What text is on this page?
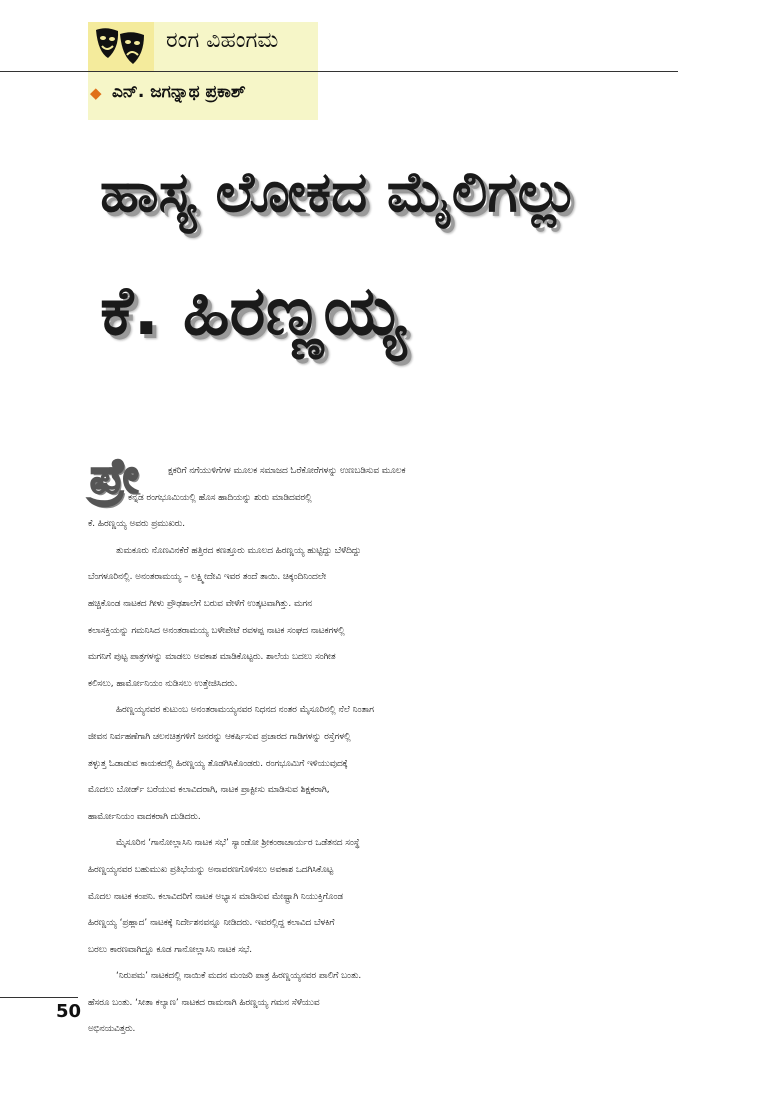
ರಂಗ ವಿಹಂಗಮ
◆ ಎನ್. ಜಗನ್ನಾಥ ಪ್ರಕಾಶ್
ಹಾಸ್ಯ ಲೋಕದ ಮೈಲಿಗಲ್ಲು
ಕೆ. ಹಿರಣ್ಣಯ್ಯ
ಪ್ರೇ	ಕ್ಷಕರಿಗೆ ನಗೆಯುಳಿಗೆಗಳ ಮೂಲಕ ಸಮಾಜದ ಓರೆಕೋರೆಗಳನ್ನು ಉಣಬಡಿಸುವ ಮೂಲಕ
ಕನ್ನಡ ರಂಗಭೂಮಿಯಲ್ಲಿ ಹೊಸ ಹಾದಿಯನ್ನು ಶುರು ಮಾಡಿದವರಲ್ಲಿ
ಕೆ. ಹಿರಣ್ಣಯ್ಯ ಅವರು ಪ್ರಮುಖರು.

ತುಮಕೂರು ನೊಣವಿನಕೆರೆ ಹತ್ತಿರದ ಕಣತ್ತೂರು ಮೂಲದ ಹಿರಣ್ಣಯ್ಯ ಹುಟ್ಟಿದ್ದು ಬೆಳೆದಿದ್ದು
ಬೆಂಗಳೂರಿನಲ್ಲಿ. ಅನಂತರಾಮಯ್ಯ – ಲಕ್ಷ್ಮೀದೇವಿ ಇವರ ತಂದೆ ತಾಯಿ. ಚಿಕ್ಕಂದಿನಿಂದಲೇ
ಹಚ್ಚಿಕೊಂಡ ನಾಟಕದ ಗೀಳು ಪ್ರೌಢಶಾಲೆಗೆ ಬರುವ ವೇಳೆಗೆ ಉತ್ಕಟವಾಗಿತ್ತು. ಮಗನ
ಕಲಾಸಕ್ತಿಯನ್ನು ಗಮನಿಸಿದ ಅನಂತರಾಮಯ್ಯ ಬಳೇಪೇಟೆ ರವಳಪ್ಪ ನಾಟಕ ಸಂಘದ ನಾಟಕಗಳಲ್ಲಿ
ಮಗನಿಗೆ ಪುಟ್ಟ ಪಾತ್ರಗಳನ್ನು ಮಾಡಲು ಅವಕಾಶ ಮಾಡಿಕೊಟ್ಟರು. ಶಾಲೆಯ ಬದಲು ಸಂಗೀತ
ಕಲಿಸಲು, ಹಾರ್ಮೋನಿಯಂ ನುಡಿಸಲು ಉತ್ತೇಜಿಸಿದರು.

ಹಿರಣ್ಣಯ್ಯನವರ ಕುಟುಂಬ ಅನಂತರಾಮಯ್ಯನವರ ನಿಧನದ ನಂತರ ಮೈಸೂರಿನಲ್ಲಿ ನೆಲೆ ನಿಂತಾಗ
ಜೀವನ ನಿರ್ವಹಣೆಗಾಗಿ ಚಲನಚಿತ್ರಗಳಿಗೆ ಜನರನ್ನು ಆಕರ್ಷಿಸುವ ಪ್ರಚಾರದ ಗಾಡಿಗಳನ್ನು ರಸ್ತೆಗಳಲ್ಲಿ
ತಳ್ಳುತ್ತ ಓಡಾಡುವ ಕಾಯಕದಲ್ಲಿ ಹಿರಣ್ಣಯ್ಯ ತೊಡಗಿಸಿಕೊಂಡರು. ರಂಗಭೂಮಿಗೆ ಇಳಿಯುವುದಕ್ಕೆ
ಮೊದಲು ಬೋರ್ಡ್ ಬರೆಯುವ ಕಲಾವಿದರಾಗಿ, ನಾಟಕ ಪ್ರಾಕ್ಟೀಸು ಮಾಡಿಸುವ ಶಿಕ್ಷಕರಾಗಿ,
ಹಾರ್ಮೋನಿಯಂ ವಾದಕರಾಗಿ ದುಡಿದರು.

ಮೈಸೂರಿನ ‘ಗಾನೋಲ್ಲಾಸಿನಿ ನಾಟಕ ಸಭೆ’ ಸ್ಯಾಂಡೋ ಶ್ರೀಕಂಠಾಚಾರ್ಯರ ಒಡೆತನದ ಸಂಸ್ಥೆ
ಹಿರಣ್ಣಯ್ಯನವರ ಬಹುಮುಖ ಪ್ರತಿಭೆಯನ್ನು ಅನಾವರಣಗೊಳಿಸಲು ಅವಕಾಶ ಒದಗಿಸಿಕೊಟ್ಟ
ಮೊದಲ ನಾಟಕ ಕಂಪನಿ. ಕಲಾವಿದರಿಗೆ ನಾಟಕ ಅಭ್ಯಾಸ ಮಾಡಿಸುವ ಮೇಷ್ಟ್ರಾಗಿ ನಿಯುಕ್ತಿಗೊಂಡ
ಹಿರಣ್ಣಯ್ಯ ‘ಪ್ರಹ್ಲಾದ’ ನಾಟಕಕ್ಕೆ ನಿರ್ದೇಶನವನ್ನೂ ನೀಡಿದರು. ಇವರಲ್ಲಿದ್ದ ಕಲಾವಿದ ಬೆಳಕಿಗೆ
ಬರಲು ಕಾರಣವಾಗಿದ್ದೂ ಕೂಡ ಗಾನೋಲ್ಲಾಸಿನಿ ನಾಟಕ ಸಭೆ.

‘ನಿರುಪಮ’ ನಾಟಕದಲ್ಲಿ ನಾಯಿಕೆ ಮದನ ಮಂಜರಿ ಪಾತ್ರ ಹಿರಣ್ಣಯ್ಯನವರ ಪಾಲಿಗೆ ಬಂತು.
ಹೆಸರೂ ಬಂತು. ‘ಸೀತಾ ಕಲ್ಯಾಣ’ ನಾಟಕದ ರಾಮನಾಗಿ ಹಿರಣ್ಣಯ್ಯ ಗಮನ ಸೆಳೆಯುವ
ಅಭಿನಯವಿತ್ತರು.

50
